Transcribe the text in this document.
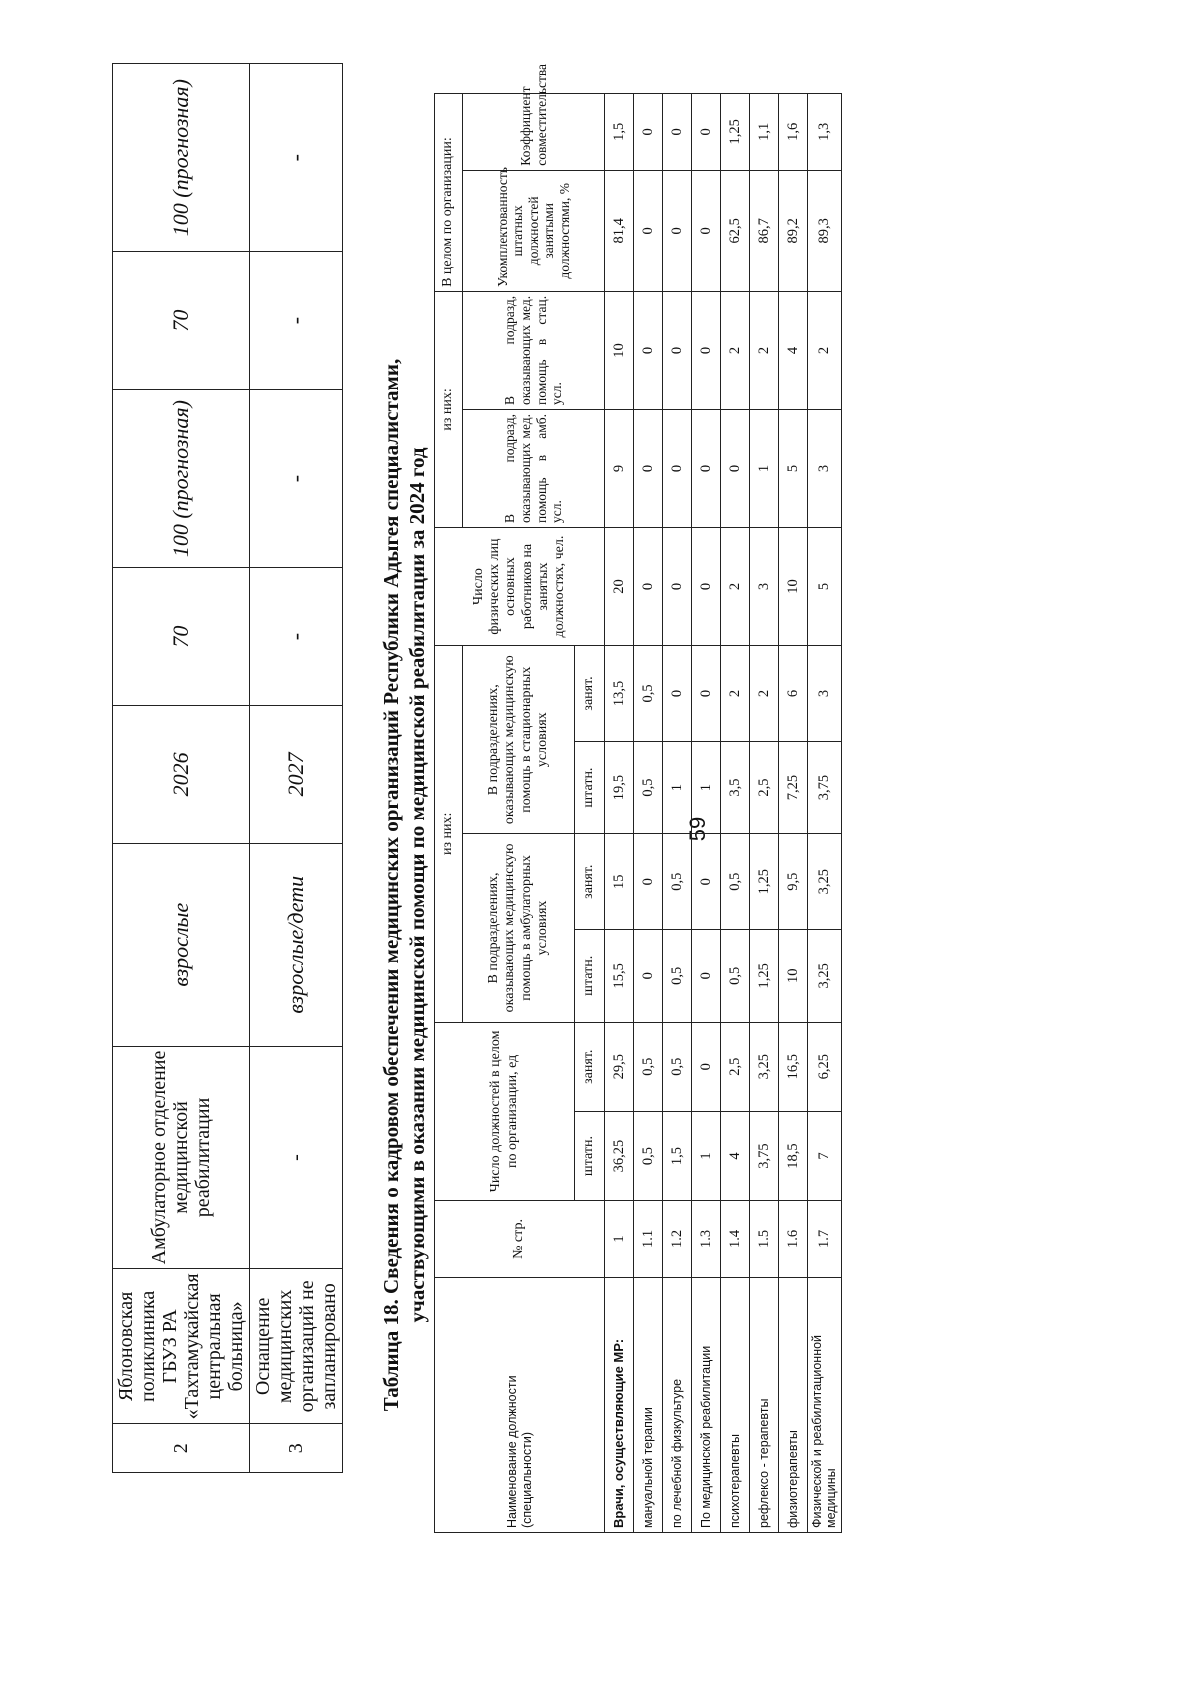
59
2	Яблоновская поликлиника ГБУЗ РА «Тахтамукайская центральная больница»	Амбулаторное отделение медицинской реабилитации	взрослые	2026	70	100 (прогнозная)	70	100 (прогнозная)
3	Оснащение медицинских организаций не запланировано	-	взрослые/дети	2027	-	-	-	-
Таблица 18. Сведения о кадровом обеспечении медицинских организаций Республики Адыгея специалистами, участвующими в оказании медицинской помощи по медицинской реабилитации за 2024 год
Наименование должности (специальности)	№ стр.	Число должностей в целом по организации, ед		из них:				Число физических лиц основных работников на занятых должностях, чел.	из них:		В целом по организации:	
				В подразделениях, оказывающих медицинскую помощь в амбулаторных условиях		В подразделениях, оказывающих медицинскую помощь в стационарных условиях			В подразд, оказывающих мед. помощь в амб. усл.	В подразд, оказывающих мед. помощь в стац. усл.	Укомплектованность штатных должностей занятыми должностями, %	Коэффициент совместительства

		штатн.	занят.	штатн.	занят.	штатн.	занят.					
Врачи, осуществляющие МР:	1	36,25	29,5	15,5	15	19,5	13,5	20	9	10	81,4	1,5
мануальной терапии	1.1	0,5	0,5	0	0	0,5	0,5	0	0	0	0	0
по лечебной физкультуре	1.2	1,5	0,5	0,5	0,5	1	0	0	0	0	0	0
По медицинской реабилитации	1.3	1	0	0	0	1	0	0	0	0	0	0
психотерапевты	1.4	4	2,5	0,5	0,5	3,5	2	2	0	2	62,5	1,25
рефлексо - терапевты	1.5	3,75	3,25	1,25	1,25	2,5	2	3	1	2	86,7	1,1
физиотерапевты	1.6	18,5	16,5	10	9,5	7,25	6	10	5	4	89,2	1,6
Физической и реабилитационной медицины	1.7	7	6,25	3,25	3,25	3,75	3	5	3	2	89,3	1,3
